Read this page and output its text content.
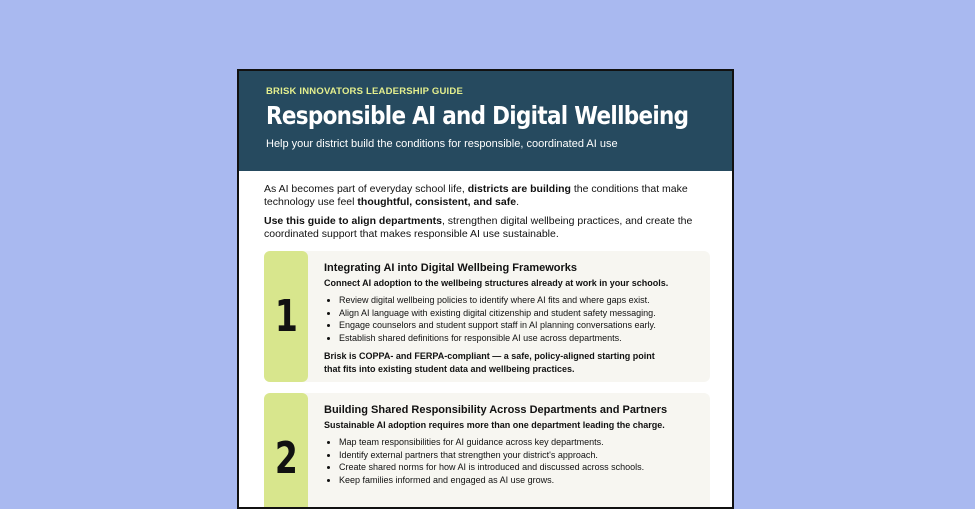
BRISK INNOVATORS LEADERSHIP GUIDE
Responsible AI and Digital Wellbeing
Help your district build the conditions for responsible, coordinated AI use

As AI becomes part of everyday school life, districts are building the conditions that make technology use feel thoughtful, consistent, and safe.

Use this guide to align departments, strengthen digital wellbeing practices, and create the coordinated support that makes responsible AI use sustainable.

1
Integrating AI into Digital Wellbeing Frameworks
Connect AI adoption to the wellbeing structures already at work in your schools.
• Review digital wellbeing policies to identify where AI fits and where gaps exist.
• Align AI language with existing digital citizenship and student safety messaging.
• Engage counselors and student support staff in AI planning conversations early.
• Establish shared definitions for responsible AI use across departments.
Brisk is COPPA- and FERPA-compliant — a safe, policy-aligned starting point that fits into existing student data and wellbeing practices.
2
Building Shared Responsibility Across Departments and Partners
Sustainable AI adoption requires more than one department leading the charge.
• Map team responsibilities for AI guidance across key departments.
• Identify external partners that strengthen your district's approach.
• Create shared norms for how AI is introduced and discussed across schools.
• Keep families informed and engaged as AI use grows.
